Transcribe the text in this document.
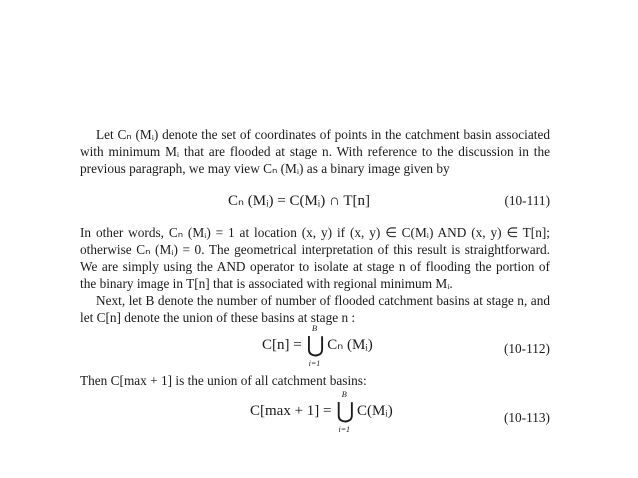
Let Cₙ (Mᵢ) denote the set of coordinates of points in the catchment basin associated with minimum Mᵢ that are flooded at stage n. With reference to the discussion in the previous paragraph, we may view Cₙ (Mᵢ) as a binary image given by
Cₙ (Mᵢ) = C(Mᵢ) ∩ T[n]	(10-111)
In other words, Cₙ (Mᵢ) = 1 at location (x, y) if (x, y) ∈ C(Mᵢ) AND (x, y) ∈ T[n]; otherwise Cₙ (Mᵢ) = 0. The geometrical interpretation of this result is straightforward. We are simply using the AND operator to isolate at stage n of flooding the portion of the binary image in T[n] that is associated with regional minimum Mᵢ.
Next, let B denote the number of number of flooded catchment basins at stage n, and let C[n] denote the union of these basins at stage n :
C[n] =
B
⋃
i=1
Cₙ (Mᵢ)	(10-112)
Then C[max + 1] is the union of all catchment basins:
C[max + 1] =
B
⋃
i=1
C(Mᵢ)	(10-113)
